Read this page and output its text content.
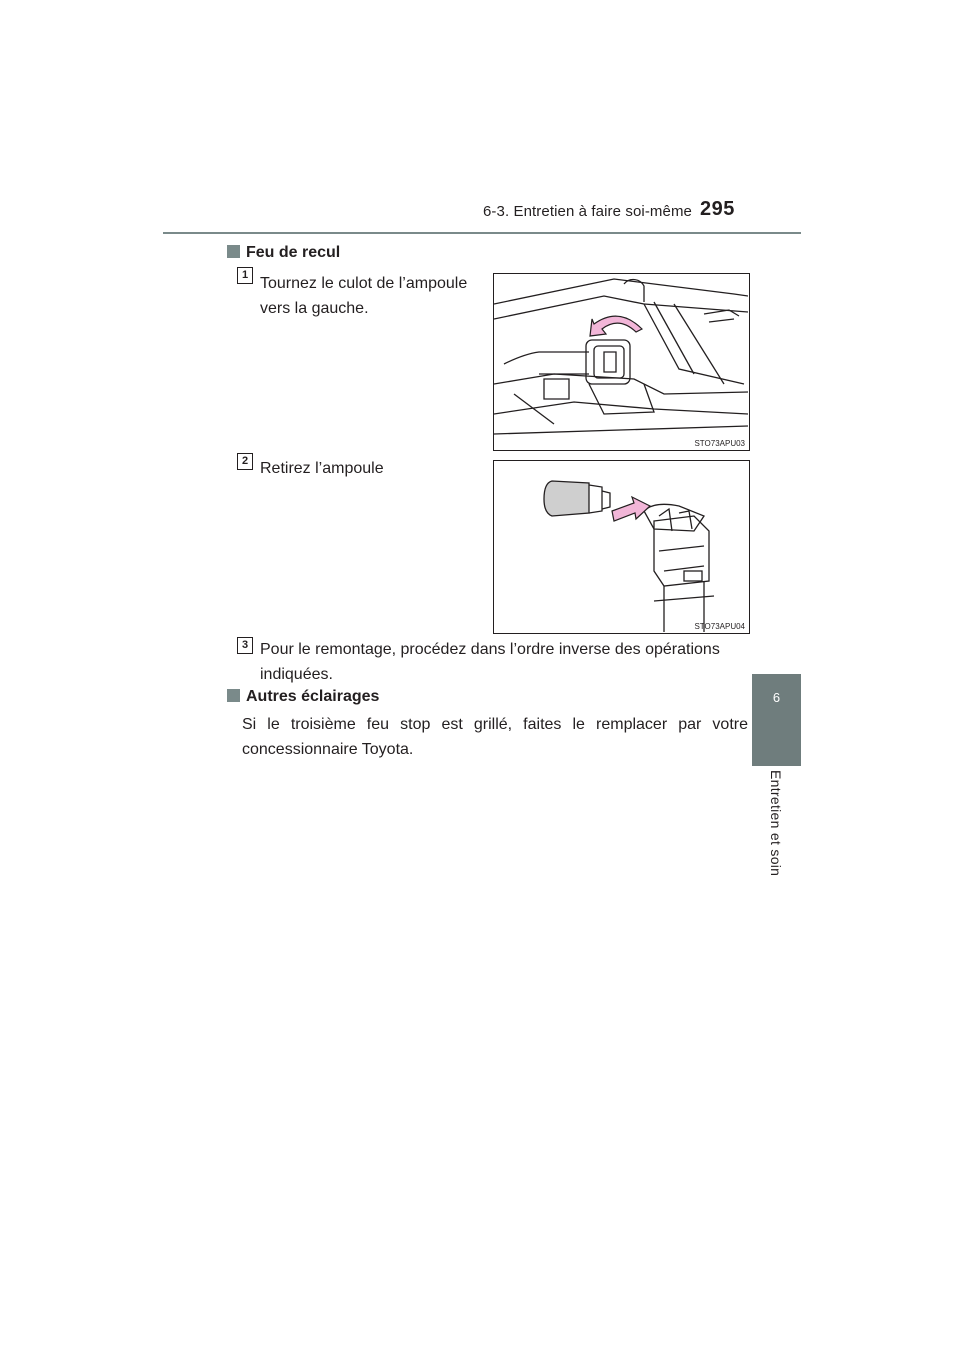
6-3. Entretien à faire soi-même 295
6
Entretien et soin
Feu de recul
1 Tournez le culot de l’ampoule
vers la gauche.
STO73APU03
2 Retirez l’ampoule
STO73APU04
3 Pour le remontage, procédez dans l’ordre inverse des opérations
indiquées.
Autres éclairages
Si le troisième feu stop est grillé, faites le remplacer par votre
concessionnaire Toyota.
